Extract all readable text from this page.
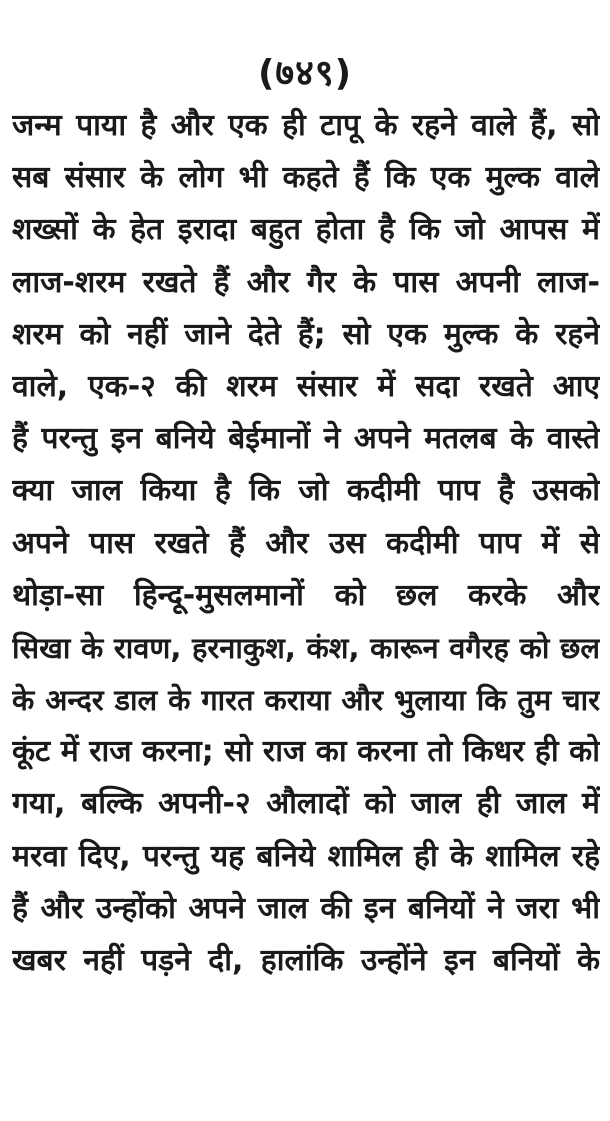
(७४९)
जन्म पाया है और एक ही टापू के रहने वाले हैं, सो
सब संसार के लोग भी कहते हैं कि एक मुल्क वाले
शख्सों के हेत इरादा बहुत होता है कि जो आपस में
लाज-शरम रखते हैं और गैर के पास अपनी लाज-
शरम को नहीं जाने देते हैं; सो एक मुल्क के रहने
वाले, एक-२ की शरम संसार में सदा रखते आए
हैं परन्तु इन बनिये बेईमानों ने अपने मतलब के वास्ते
क्या जाल किया है कि जो कदीमी पाप है उसको
अपने पास रखते हैं और उस कदीमी पाप में से
थोड़ा-सा हिन्दू-मुसलमानों को छल करके और
सिखा के रावण, हरनाकुश, कंश, कारून वगैरह को छल
के अन्दर डाल के गारत कराया और भुलाया कि तुम चार
कूंट में राज करना; सो राज का करना तो किधर ही को
गया, बल्कि अपनी-२ औलादों को जाल ही जाल में
मरवा दिए, परन्तु यह बनिये शामिल ही के शामिल रहे
हैं और उन्होंको अपने जाल की इन बनियों ने जरा भी
खबर नहीं पड़ने दी, हालांकि उन्होंने इन बनियों के
